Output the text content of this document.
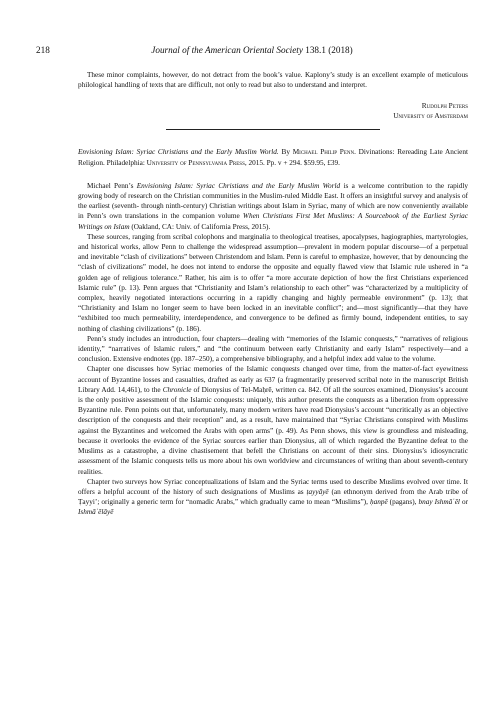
218	Journal of the American Oriental Society 138.1 (2018)

These minor complaints, however, do not detract from the book’s value. Kaplony’s study is an excellent example of meticulous philological handling of texts that are difficult, not only to read but also to understand and interpret.

Rudolph Peters
University of Amsterdam

Envisioning Islam: Syriac Christians and the Early Muslim World. By Michael Philip Penn. Divinations: Rereading Late Ancient Religion. Philadelphia: University of Pennsylvania Press, 2015. Pp. v + 294. $59.95, £39.

Michael Penn’s Envisioning Islam: Syriac Christians and the Early Muslim World is a welcome contribution to the rapidly growing body of research on the Christian communities in the Muslim-ruled Middle East. It offers an insightful survey and analysis of the earliest (seventh- through ninth-century) Christian writings about Islam in Syriac, many of which are now conveniently available in Penn’s own translations in the companion volume When Christians First Met Muslims: A Sourcebook of the Earliest Syriac Writings on Islam (Oakland, CA: Univ. of California Press, 2015).

These sources, ranging from scribal colophons and marginalia to theological treatises, apocalypses, hagiographies, martyrologies, and historical works, allow Penn to challenge the widespread assumption—prevalent in modern popular discourse—of a perpetual and inevitable “clash of civilizations” between Christendom and Islam. Penn is careful to emphasize, however, that by denouncing the “clash of civilizations” model, he does not intend to endorse the opposite and equally flawed view that Islamic rule ushered in “a golden age of religious tolerance.” Rather, his aim is to offer “a more accurate depiction of how the first Christians experienced Islamic rule” (p. 13). Penn argues that “Christianity and Islam’s relationship to each other” was “characterized by a multiplicity of complex, heavily negotiated interactions occurring in a rapidly changing and highly permeable environment” (p. 13); that “Christianity and Islam no longer seem to have been locked in an inevitable conflict”; and—most significantly—that they have “exhibited too much permeability, interdependence, and convergence to be defined as firmly bound, independent entities, to say nothing of clashing civilizations” (p. 186).

Penn’s study includes an introduction, four chapters—dealing with “memories of the Islamic conquests,” “narratives of religious identity,” “narratives of Islamic rulers,” and “the continuum between early Christianity and early Islam” respectively—and a conclusion. Extensive endnotes (pp. 187–250), a comprehensive bibliography, and a helpful index add value to the volume.

Chapter one discusses how Syriac memories of the Islamic conquests changed over time, from the matter-of-fact eyewitness account of Byzantine losses and casualties, drafted as early as 637 (a fragmentarily preserved scribal note in the manuscript British Library Add. 14,461), to the Chronicle of Dionysius of Tel-Maḥrē, written ca. 842. Of all the sources examined, Dionysius’s account is the only positive assessment of the Islamic conquests: uniquely, this author presents the conquests as a liberation from oppressive Byzantine rule. Penn points out that, unfortunately, many modern writers have read Dionysius’s account “uncritically as an objective description of the conquests and their reception” and, as a result, have maintained that “Syriac Christians conspired with Muslims against the Byzantines and welcomed the Arabs with open arms” (p. 49). As Penn shows, this view is groundless and misleading, because it overlooks the evidence of the Syriac sources earlier than Dionysius, all of which regarded the Byzantine defeat to the Muslims as a catastrophe, a divine chastisement that befell the Christians on account of their sins. Dionysius’s idiosyncratic assessment of the Islamic conquests tells us more about his own worldview and circumstances of writing than about seventh-century realities.

Chapter two surveys how Syriac conceptualizations of Islam and the Syriac terms used to describe Muslims evolved over time. It offers a helpful account of the history of such designations of Muslims as ṭayyāyē (an ethnonym derived from the Arab tribe of Ṭayyi’; originally a generic term for “nomadic Arabs,” which gradually came to mean “Muslims”), ḥanpē (pagans), bnay Ishmāʿēl or Ishmāʿēlāyē
